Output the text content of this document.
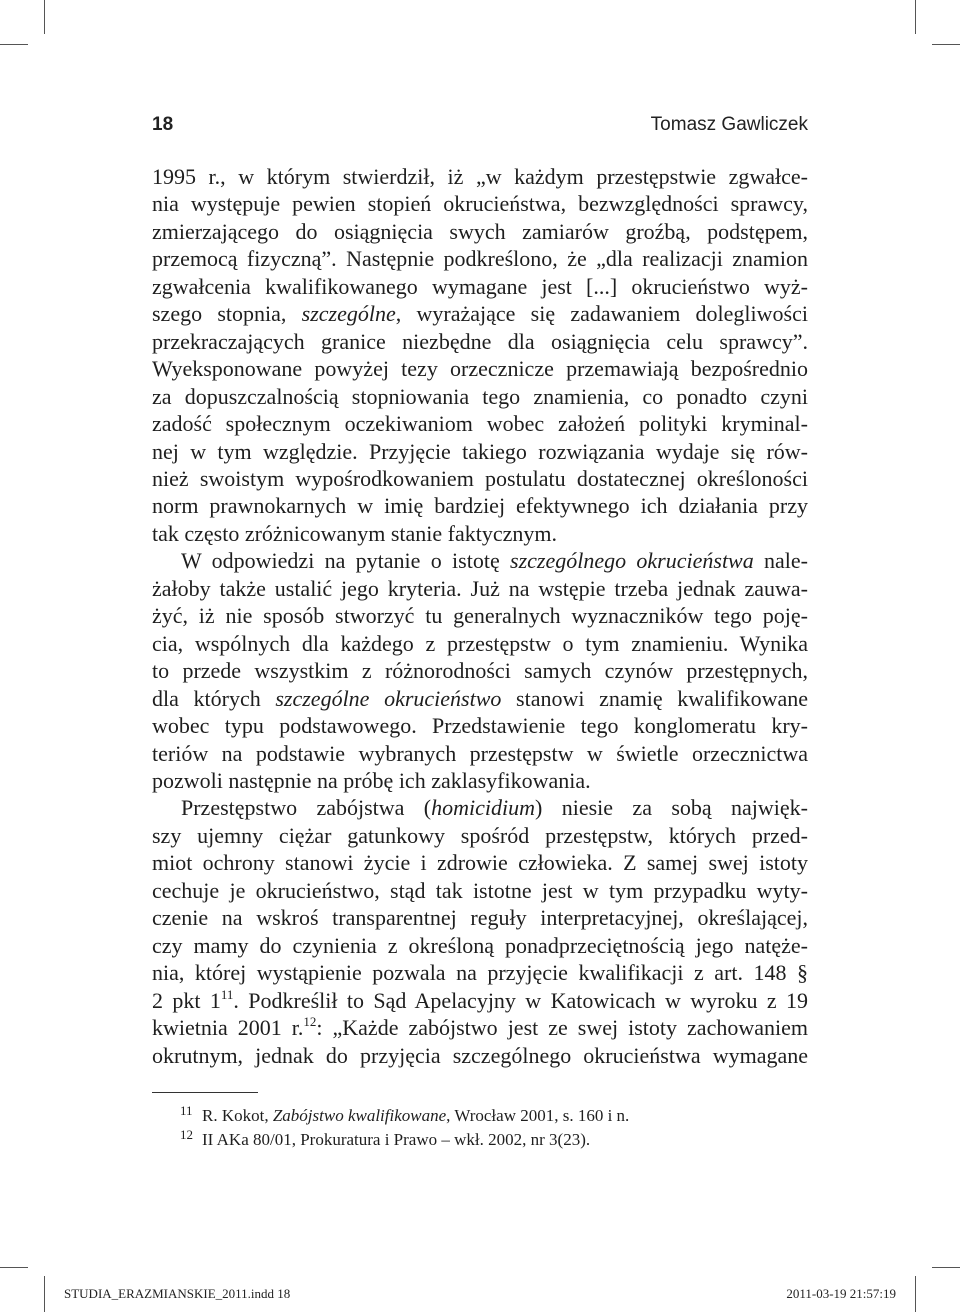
18	Tomasz Gawliczek
1995 r., w którym stwierdził, iż „w każdym przestępstwie zgwałce-
nia występuje pewien stopień okrucieństwa, bezwzględności sprawcy,
zmierzającego do osiągnięcia swych zamiarów groźbą, podstępem,
przemocą fizyczną”. Następnie podkreślono, że „dla realizacji znamion
zgwałcenia kwalifikowanego wymagane jest [...] okrucieństwo wyż-
szego stopnia, szczególne, wyrażające się zadawaniem dolegliwości
przekraczających granice niezbędne dla osiągnięcia celu sprawcy”.
Wyeksponowane powyżej tezy orzecznicze przemawiają bezpośrednio
za dopuszczalnością stopniowania tego znamienia, co ponadto czyni
zadość społecznym oczekiwaniom wobec założeń polityki kryminal-
nej w tym względzie. Przyjęcie takiego rozwiązania wydaje się rów-
nież swoistym wypośrodkowaniem postulatu dostatecznej określoności
norm prawnokarnych w imię bardziej efektywnego ich działania przy
tak często zróżnicowanym stanie faktycznym.
W odpowiedzi na pytanie o istotę szczególnego okrucieństwa nale-
żałoby także ustalić jego kryteria. Już na wstępie trzeba jednak zauwa-
żyć, iż nie sposób stworzyć tu generalnych wyznaczników tego poję-
cia, wspólnych dla każdego z przestępstw o tym znamieniu. Wynika
to przede wszystkim z różnorodności samych czynów przestępnych,
dla których szczególne okrucieństwo stanowi znamię kwalifikowane
wobec typu podstawowego. Przedstawienie tego konglomeratu kry-
teriów na podstawie wybranych przestępstw w świetle orzecznictwa
pozwoli następnie na próbę ich zaklasyfikowania.
Przestępstwo zabójstwa (homicidium) niesie za sobą najwięk-
szy ujemny ciężar gatunkowy spośród przestępstw, których przed-
miot ochrony stanowi życie i zdrowie człowieka. Z samej swej istoty
cechuje je okrucieństwo, stąd tak istotne jest w tym przypadku wyty-
czenie na wskroś transparentnej reguły interpretacyjnej, określającej,
czy mamy do czynienia z określoną ponadprzeciętnością jego natęże-
nia, której wystąpienie pozwala na przyjęcie kwalifikacji z art. 148 §
2 pkt $1^{11}$. Podkreślił to Sąd Apelacyjny w Katowicach w wyroku z 19
kwietnia 2001 r.$^{12}$: „Każde zabójstwo jest ze swej istoty zachowaniem
okrutnym, jednak do przyjęcia szczególnego okrucieństwa wymagane
11 R. Kokot, Zabójstwo kwalifikowane, Wrocław 2001, s. 160 i n.
12 II AKa 80/01, Prokuratura i Prawo – wkł. 2002, nr 3(23).
STUDIA_ERAZMIANSKIE_2011.indd 18	2011-03-19 21:57:19
